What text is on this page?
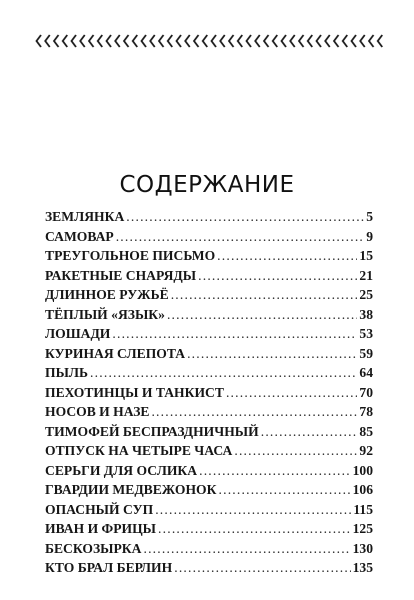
СОДЕРЖАНИЕ
ЗЕМЛЯНКА .....	5
САМОВАР .....	9
ТРЕУГОЛЬНОЕ ПИСЬМО .....	15
РАКЕТНЫЕ СНАРЯДЫ .....	21
ДЛИННОЕ РУЖЬЁ .....	25
ТЁПЛЫЙ «ЯЗЫК» .....	38
ЛОШАДИ .....	53
КУРИНАЯ СЛЕПОТА .....	59
ПЫЛЬ .....	64
ПЕХОТИНЦЫ И ТАНКИСТ .....	70
НОСОВ И НАЗЕ .....	78
ТИМОФЕЙ БЕСПРАЗДНИЧНЫЙ .....	85
ОТПУСК НА ЧЕТЫРЕ ЧАСА .....	92
СЕРЬГИ ДЛЯ ОСЛИКА .....	100
ГВАРДИИ МЕДВЕЖОНОК .....	106
ОПАСНЫЙ СУП .....	115
ИВАН И ФРИЦЫ .....	125
БЕСКОЗЫРКА .....	130
КТО БРАЛ БЕРЛИН .....	135
